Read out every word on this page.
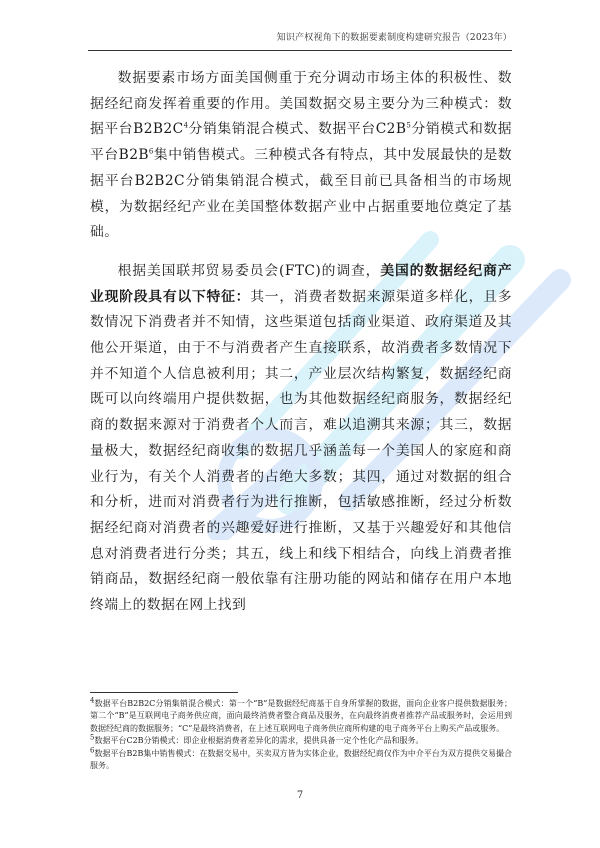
知识产权视角下的数据要素制度构建研究报告（2023年）

数据要素市场方面美国侧重于充分调动市场主体的积极性、数据经纪商发挥着重要的作用。美国数据交易主要分为三种模式：数据平台$B2B2C^4$分销集销混合模式、数据平台$C2B^5$分销模式和数据平台$B2B^6$集中销售模式。三种模式各有特点，其中发展最快的是数据平台B2B2C分销集销混合模式，截至目前已具备相当的市场规模，为数据经纪产业在美国整体数据产业中占据重要地位奠定了基础。

根据美国联邦贸易委员会(FTC)的调查，美国的数据经纪商产业现阶段具有以下特征：其一，消费者数据来源渠道多样化，且多数情况下消费者并不知情，这些渠道包括商业渠道、政府渠道及其他公开渠道，由于不与消费者产生直接联系，故消费者多数情况下并不知道个人信息被利用；其二，产业层次结构繁复，数据经纪商既可以向终端用户提供数据，也为其他数据经纪商服务，数据经纪商的数据来源对于消费者个人而言，难以追溯其来源；其三，数据量极大，数据经纪商收集的数据几乎涵盖每一个美国人的家庭和商业行为，有关个人消费者的占绝大多数；其四，通过对数据的组合和分析，进而对消费者行为进行推断，包括敏感推断，经过分析数据经纪商对消费者的兴趣爱好进行推断，又基于兴趣爱好和其他信息对消费者进行分类；其五，线上和线下相结合，向线上消费者推销商品，数据经纪商一般依靠有注册功能的网站和储存在用户本地终端上的数据在网上找到

$^4$数据平台B2B2C分销集销混合模式：第一个“B”是数据经纪商基于自身所掌握的数据，面向企业客户提供数据服务；第二个“B”是互联网电子商务供应商，面向最终消费者整合商品及服务，在向最终消费者推荐产品或服务时，会运用到数据经纪商的数据服务；“C”是最终消费者，在上述互联网电子商务供应商所构建的电子商务平台上购买产品或服务。

$^5$数据平台C2B分销模式：即企业根据消费者差异化的需求，提供具备一定个性化产品和服务。

$^6$数据平台B2B集中销售模式：在数据交易中，买卖双方皆为实体企业，数据经纪商仅作为中介平台为双方提供交易撮合服务。

7
